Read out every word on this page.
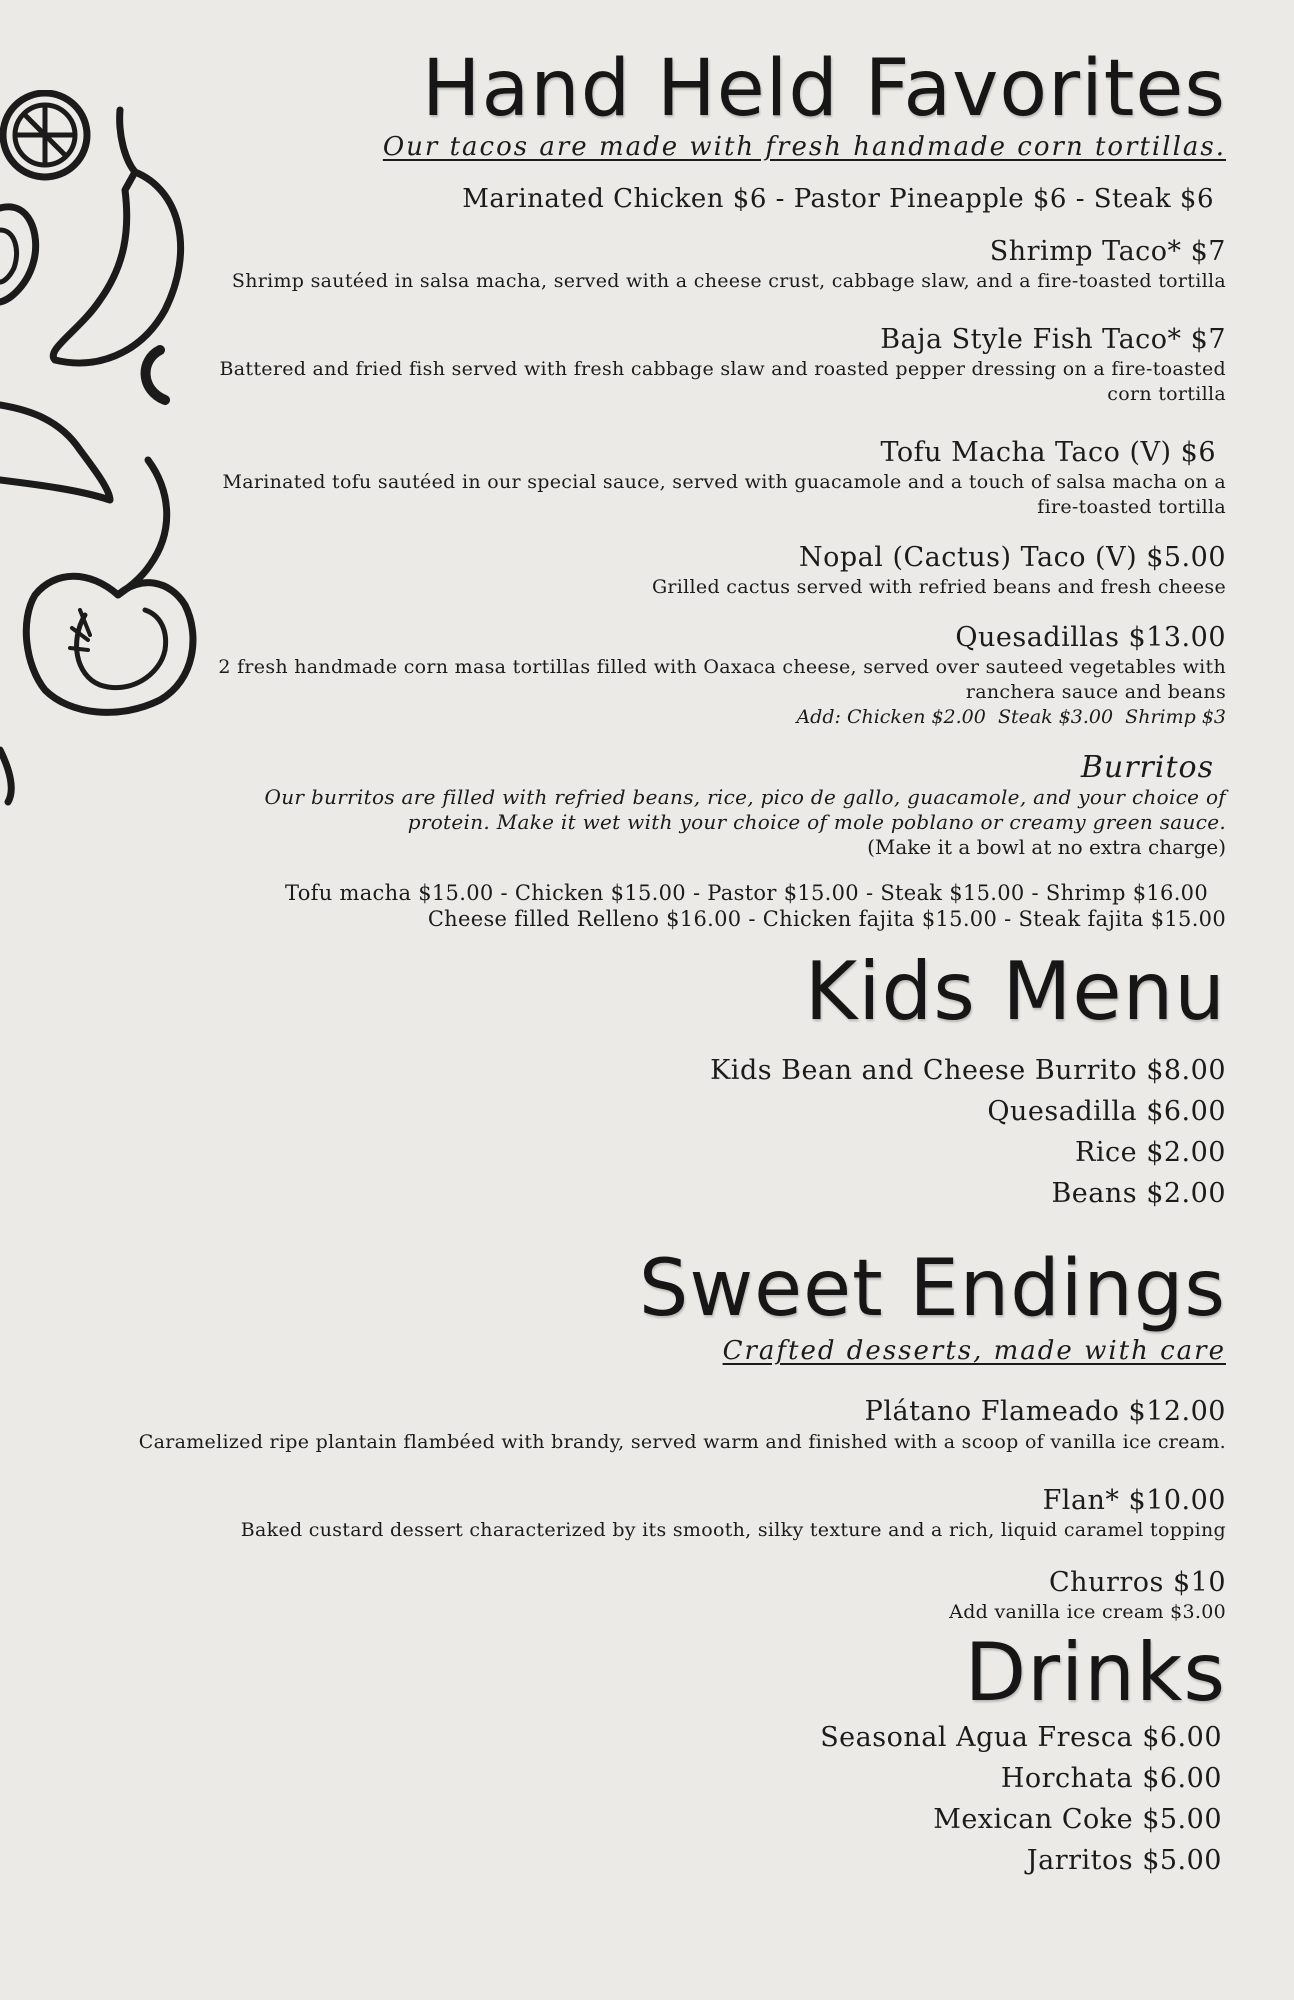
Hand Held Favorites
Our tacos are made with fresh handmade corn tortillas.
Marinated Chicken $6 - Pastor Pineapple $6 - Steak $6
Shrimp Taco* $7
Shrimp sautéed in salsa macha, served with a cheese crust, cabbage slaw, and a fire-toasted tortilla
Baja Style Fish Taco* $7
Battered and fried fish served with fresh cabbage slaw and roasted pepper dressing on a fire-toasted corn tortilla
Tofu Macha Taco (V) $6
Marinated tofu sautéed in our special sauce, served with guacamole and a touch of salsa macha on a fire-toasted tortilla
Nopal (Cactus) Taco (V) $5.00
Grilled cactus served with refried beans and fresh cheese
Quesadillas $13.00
2 fresh handmade corn masa tortillas filled with Oaxaca cheese, served over sauteed vegetables with ranchera sauce and beans
Add: Chicken $2.00  Steak $3.00  Shrimp $3
Burritos
Our burritos are filled with refried beans, rice, pico de gallo, guacamole, and your choice of protein. Make it wet with your choice of mole poblano or creamy green sauce.
(Make it a bowl at no extra charge)
Tofu macha $15.00 - Chicken $15.00 - Pastor $15.00 - Steak $15.00 - Shrimp $16.00
Cheese filled Relleno $16.00 - Chicken fajita $15.00 - Steak fajita $15.00
Kids Menu
Kids Bean and Cheese Burrito $8.00
Quesadilla $6.00
Rice $2.00
Beans $2.00
Sweet Endings
Crafted desserts, made with care
Plátano Flameado $12.00
Caramelized ripe plantain flambéed with brandy, served warm and finished with a scoop of vanilla ice cream.
Flan* $10.00
Baked custard dessert characterized by its smooth, silky texture and a rich, liquid caramel topping
Churros $10
Add vanilla ice cream $3.00
Drinks
Seasonal Agua Fresca $6.00
Horchata $6.00
Mexican Coke $5.00
Jarritos $5.00
